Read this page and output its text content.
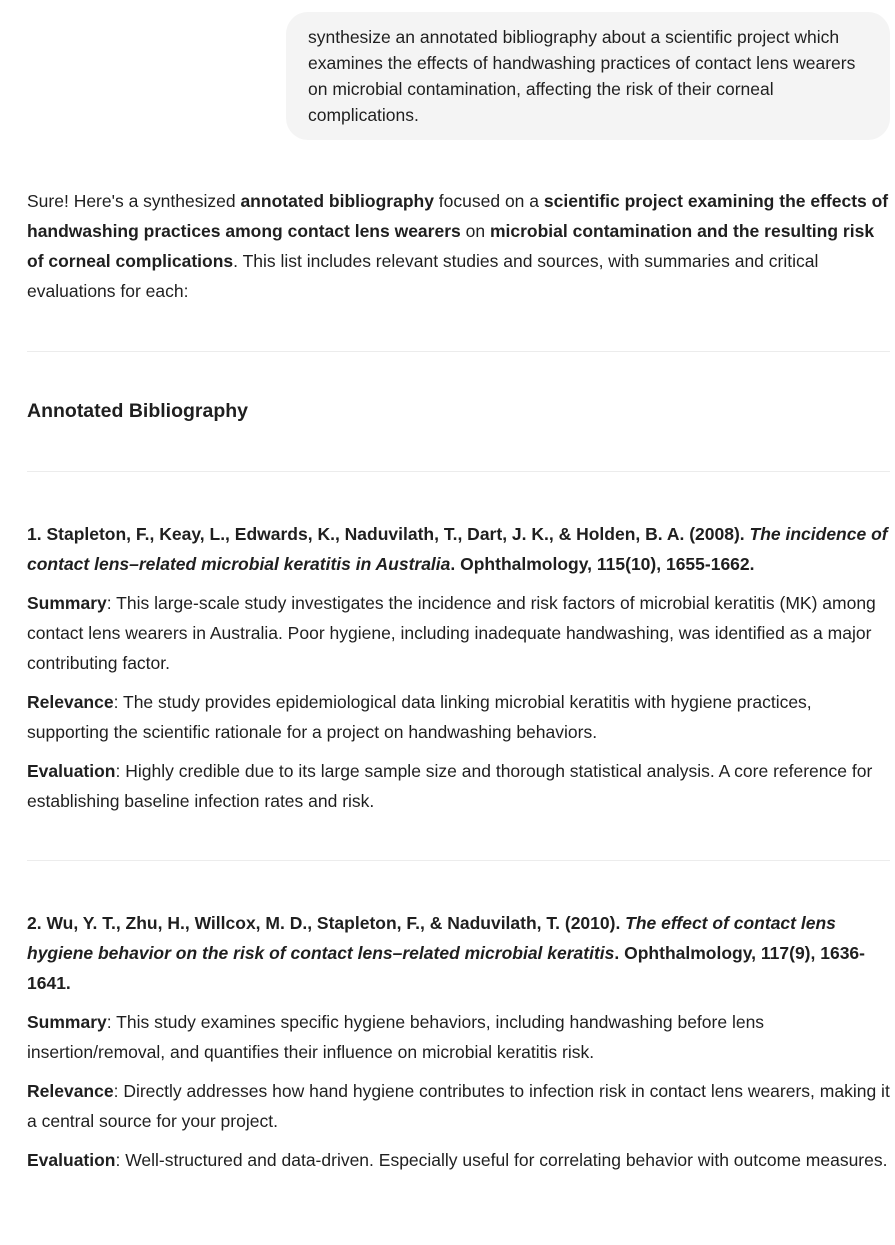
synthesize an annotated bibliography about a scientific project which examines the effects of handwashing practices of contact lens wearers on microbial contamination, affecting the risk of their corneal complications.

Sure! Here's a synthesized annotated bibliography focused on a scientific project examining the effects of handwashing practices among contact lens wearers on microbial contamination and the resulting risk of corneal complications. This list includes relevant studies and sources, with summaries and critical evaluations for each:

Annotated Bibliography

1. Stapleton, F., Keay, L., Edwards, K., Naduvilath, T., Dart, J. K., & Holden, B. A. (2008). The incidence of contact lens–related microbial keratitis in Australia. Ophthalmology, 115(10), 1655-1662.

Summary: This large-scale study investigates the incidence and risk factors of microbial keratitis (MK) among contact lens wearers in Australia. Poor hygiene, including inadequate handwashing, was identified as a major contributing factor.

Relevance: The study provides epidemiological data linking microbial keratitis with hygiene practices, supporting the scientific rationale for a project on handwashing behaviors.

Evaluation: Highly credible due to its large sample size and thorough statistical analysis. A core reference for establishing baseline infection rates and risk.

2. Wu, Y. T., Zhu, H., Willcox, M. D., Stapleton, F., & Naduvilath, T. (2010). The effect of contact lens hygiene behavior on the risk of contact lens–related microbial keratitis. Ophthalmology, 117(9), 1636-1641.

Summary: This study examines specific hygiene behaviors, including handwashing before lens insertion/removal, and quantifies their influence on microbial keratitis risk.

Relevance: Directly addresses how hand hygiene contributes to infection risk in contact lens wearers, making it a central source for your project.

Evaluation: Well-structured and data-driven. Especially useful for correlating behavior with outcome measures.
